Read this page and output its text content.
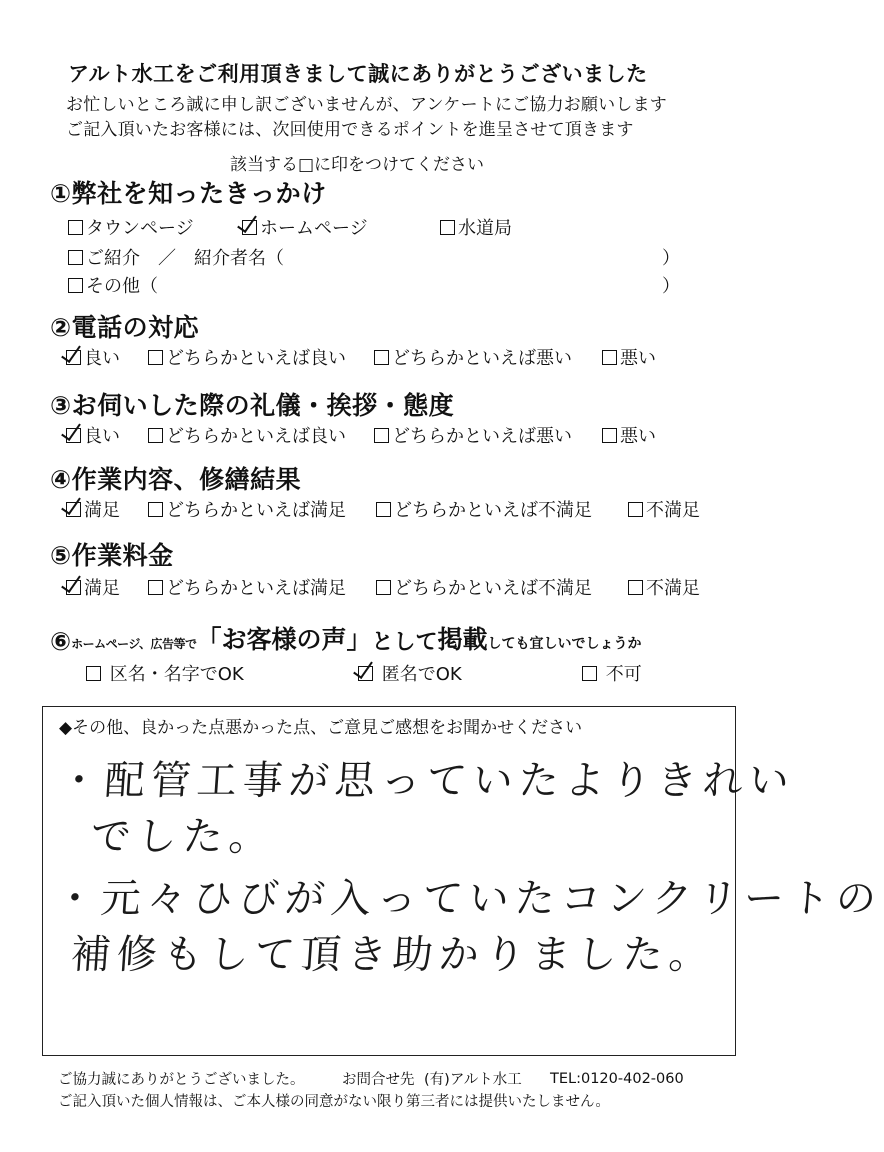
アルト水工をご利用頂きまして誠にありがとうございました
お忙しいところ誠に申し訳ございませんが、アンケートにご協力お願いします
ご記入頂いたお客様には、次回使用できるポイントを進呈させて頂きます
該当する□に印をつけてください
①弊社を知ったきっかけ
タウンページ	ホームページ	水道局
ご紹介　／　紹介者名（	）
その他（	）
②電話の対応
良い	どちらかといえば良い	どちらかといえば悪い	悪い
③お伺いした際の礼儀・挨拶・態度
良い	どちらかといえば良い	どちらかといえば悪い	悪い
④作業内容、修繕結果
満足	どちらかといえば満足	どちらかといえば不満足	不満足
⑤作業料金
満足	どちらかといえば満足	どちらかといえば不満足	不満足
⑥ ホームページ、広告等で 「お客様の声」 として 掲載 しても宜しいでしょうか

区名・名字でOK
	匿名でOK
	不可
◆その他、良かった点悪かった点、ご意見ご感想をお聞かせください
・配管工事が思っていたよりきれい
でした。
・元々ひびが入っていたコンクリートの
補修もして頂き助かりました。
ご協力誠にありがとうございました。	お問合せ先 (有)アルト水工	TEL:0120-402-060
ご記入頂いた個人情報は、ご本人様の同意がない限り第三者には提供いたしません。
